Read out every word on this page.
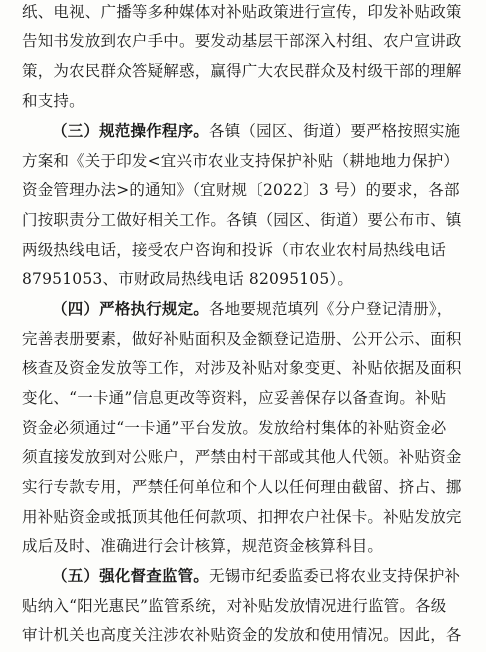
纸、电视、广播等多种媒体对补贴政策进行宣传，印发补贴政策
告知书发放到农户手中。要发动基层干部深入村组、农户宣讲政
策，为农民群众答疑解惑，赢得广大农民群众及村级干部的理解
和支持。
（三）规范操作程序。各镇（园区、街道）要严格按照实施
方案和《关于印发<宜兴市农业支持保护补贴（耕地地力保护）
资金管理办法>的通知》（宜财规〔2022〕3 号）的要求，各部
门按职责分工做好相关工作。各镇（园区、街道）要公布市、镇
两级热线电话，接受农户咨询和投诉（市农业农村局热线电话
87951053、市财政局热线电话 82095105）。
（四）严格执行规定。各地要规范填列《分户登记清册》，
完善表册要素，做好补贴面积及金额登记造册、公开公示、面积
核查及资金发放等工作，对涉及补贴对象变更、补贴依据及面积
变化、“一卡通”信息更改等资料，应妥善保存以备查询。补贴
资金必须通过“一卡通”平台发放。发放给村集体的补贴资金必
须直接发放到对公账户，严禁由村干部或其他人代领。补贴资金
实行专款专用，严禁任何单位和个人以任何理由截留、挤占、挪
用补贴资金或抵顶其他任何款项、扣押农户社保卡。补贴发放完
成后及时、准确进行会计核算，规范资金核算科目。
（五）强化督查监管。无锡市纪委监委已将农业支持保护补
贴纳入“阳光惠民”监管系统，对补贴发放情况进行监管。各级
审计机关也高度关注涉农补贴资金的发放和使用情况。因此，各
